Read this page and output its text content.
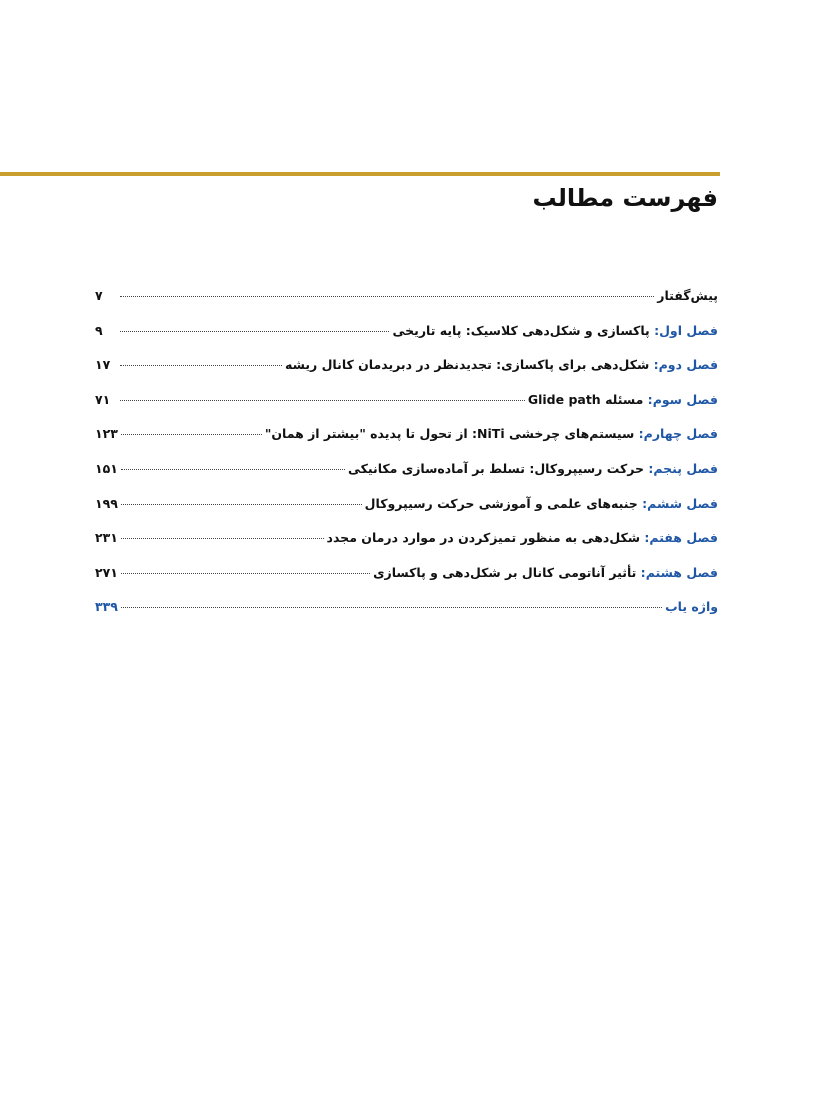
فهرست مطالب
پیش‌گفتار
۷
فصل اول: پاکسازی و شکل‌دهی کلاسیک: پایه تاریخی
۹
فصل دوم: شکل‌دهی برای پاکسازی: تجدیدنظر در دبریدمان کانال ریشه
۱۷
فصل سوم: مسئله Glide path
۷۱
فصل چهارم: سیستم‌های چرخشی NiTi: از تحول تا پدیده "بیشتر از همان"
۱۲۳
فصل پنجم: حرکت رسیپروکال: تسلط بر آماده‌سازی مکانیکی
۱۵۱
فصل ششم: جنبه‌های علمی و آموزشی حرکت رسیپروکال
۱۹۹
فصل هفتم: شکل‌دهی به منظور تمیزکردن در موارد درمان مجدد
۲۳۱
فصل هشتم: تأثیر آناتومی کانال بر شکل‌دهی و پاکسازی
۲۷۱
واژه یاب
۳۳۹
